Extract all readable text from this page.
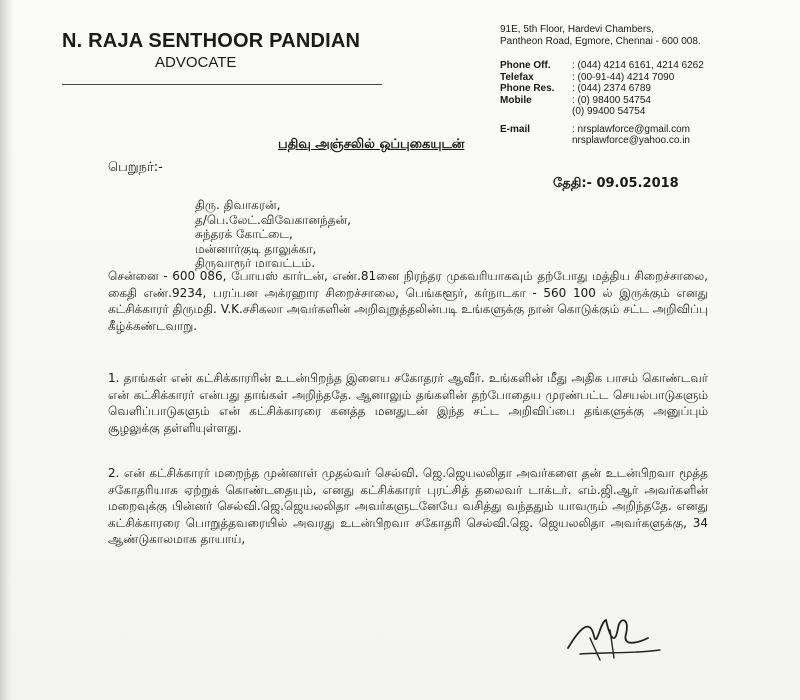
N. RAJA SENTHOOR PANDIAN
ADVOCATE
91E, 5th Floor, Hardevi Chambers,
Pantheon Road, Egmore, Chennai - 600 008.
Phone Off.	: (044) 4214 6161, 4214 6262
Telefax	: (00-91-44) 4214 7090
Phone Res.	: (044) 2374 6789
Mobile	: (0) 98400 54754
(0) 99400 54754
E-mail	: nrsplawforce@gmail.com
nrsplawforce@yahoo.co.in
பதிவு அஞ்சலில் ஒப்புகையுடன்
பெறுநர்:-
தேதி:- 09.05.2018
திரு. திவாகரன்,
த/பெ.லேட்.விவேகானந்தன்,
சுந்தரக் கோட்டை,
மன்னார்குடி தாலுக்கா,
திருவாரூர் மாவட்டம்.
சென்னை - 600 086, போயஸ் கார்டன், எண்.81னை நிரந்தர முகவரியாகவும் தற்போது மத்திய சிறைச்சாலை, கைதி எண்.9234, பரப்பன அக்ரஹார சிறைச்சாலை, பெங்களூர், கர்நாடகா - 560 100 ல் இருக்கும் எனது கட்சிக்காரர் திருமதி. V.K.சசிகலா அவர்களின் அறிவுறுத்தலின்படி உங்களுக்கு நான் கொடுக்கும் சட்ட அறிவிப்பு கீழ்க்கண்டவாறு.
1. தாங்கள் என் கட்சிக்காரரின் உடன்பிறந்த இளைய சகோதரர் ஆவீர். உங்களின் மீது அதிக பாசம் கொண்டவர் என் கட்சிக்காரர் என்பது தாங்கள் அறிந்ததே. ஆனாலும் தங்களின் தற்போதைய முரண்பட்ட செயல்பாடுகளும் வெளிப்பாடுகளும் என் கட்சிக்காரரை கனத்த மனதுடன் இந்த சட்ட அறிவிப்பை தங்களுக்கு அனுப்பும் சூழலுக்கு தள்ளியுள்ளது.
2. என் கட்சிக்காரர் மறைந்த முன்னாள் முதல்வர் செல்வி. ஜெ.ஜெயலலிதா அவர்களை தன் உடன்பிறவா மூத்த சகோதரியாக ஏற்றுக் கொண்டதையும், எனது கட்சிக்காரர் புரட்சித் தலைவர் டாக்டர். எம்.ஜி.ஆர் அவர்களின் மறைவுக்கு பின்னர் செல்வி.ஜெ.ஜெயலலிதா அவர்களுடனேயே வசித்து வந்ததும் யாவரும் அறிந்ததே. எனது கட்சிக்காரரை பொறுத்தவரையில் அவரது உடன்பிறவா சகோதரி செல்வி.ஜெ. ஜெயலலிதா அவர்களுக்கு, 34 ஆண்டுகாலமாக தாயாய்,
